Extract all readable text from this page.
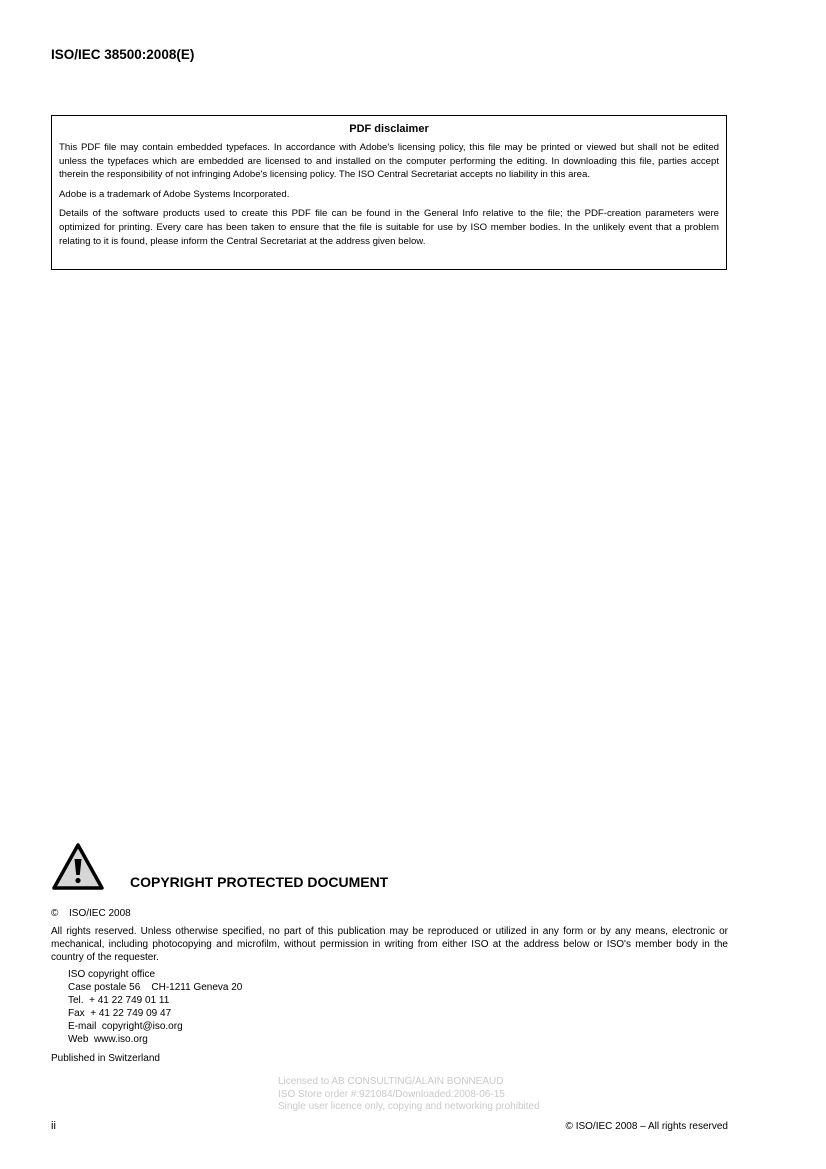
ISO/IEC 38500:2008(E)
PDF disclaimer

This PDF file may contain embedded typefaces. In accordance with Adobe's licensing policy, this file may be printed or viewed but shall not be edited unless the typefaces which are embedded are licensed to and installed on the computer performing the editing. In downloading this file, parties accept therein the responsibility of not infringing Adobe's licensing policy. The ISO Central Secretariat accepts no liability in this area.

Adobe is a trademark of Adobe Systems Incorporated.

Details of the software products used to create this PDF file can be found in the General Info relative to the file; the PDF-creation parameters were optimized for printing. Every care has been taken to ensure that the file is suitable for use by ISO member bodies. In the unlikely event that a problem relating to it is found, please inform the Central Secretariat at the address given below.

COPYRIGHT PROTECTED DOCUMENT
© ISO/IEC 2008
All rights reserved. Unless otherwise specified, no part of this publication may be reproduced or utilized in any form or by any means, electronic or mechanical, including photocopying and microfilm, without permission in writing from either ISO at the address below or ISO's member body in the country of the requester.
ISO copyright office
Case postale 56    CH-1211 Geneva 20
Tel.  + 41 22 749 01 11
Fax  + 41 22 749 09 47
E-mail  copyright@iso.org
Web  www.iso.org
Published in Switzerland
Licensed to AB CONSULTING/ALAIN BONNEAUD
ISO Store order #:921084/Downloaded:2008-06-15
Single user licence only, copying and networking prohibited
ii	© ISO/IEC 2008 – All rights reserved
